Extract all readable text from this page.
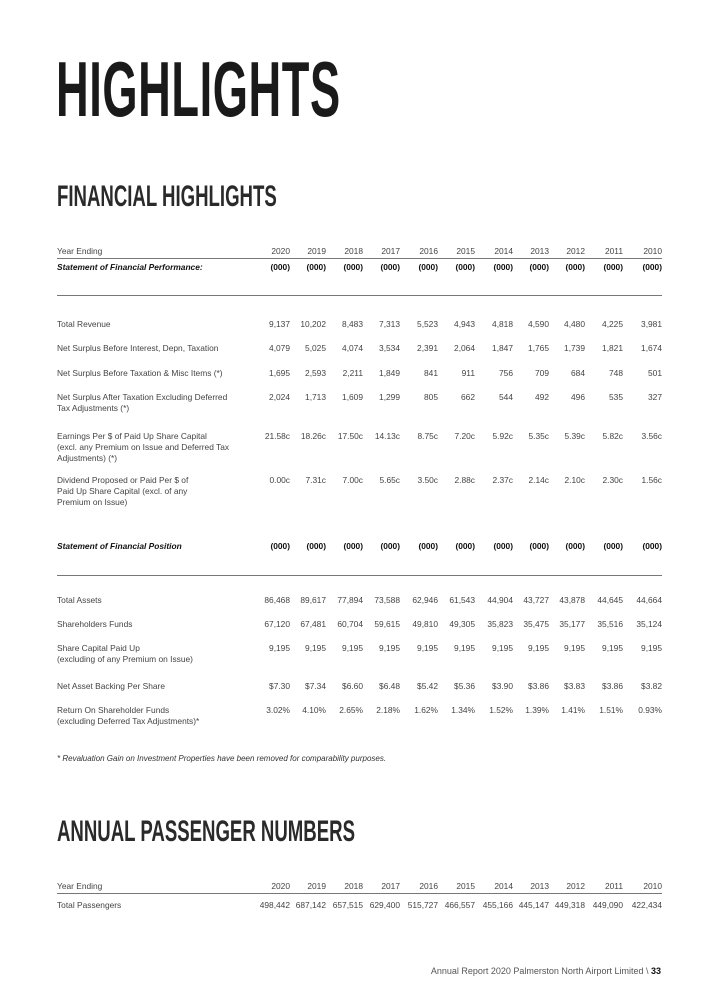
HIGHLIGHTS
FINANCIAL HIGHLIGHTS
Year Ending	2020	2019	2018	2017	2016	2015	2014	2013	2012	2011	2010
Statement of Financial Performance:	(000)	(000)	(000)	(000)	(000)	(000)	(000)	(000)	(000)	(000)	(000)
Total Revenue	9,137	10,202	8,483	7,313	5,523	4,943	4,818	4,590	4,480	4,225	3,981
Net Surplus Before Interest, Depn, Taxation	4,079	5,025	4,074	3,534	2,391	2,064	1,847	1,765	1,739	1,821	1,674
Net Surplus Before Taxation & Misc Items (*)	1,695	2,593	2,211	1,849	841	911	756	709	684	748	501
Net Surplus After Taxation Excluding Deferred
Tax Adjustments (*)
2,024	1,713	1,609	1,299	805	662	544	492	496	535	327
Earnings Per $ of Paid Up Share Capital
(excl. any Premium on Issue and Deferred Tax
Adjustments) (*)
21.58c	18.26c	17.50c	14.13c	8.75c	7.20c	5.92c	5.35c	5.39c	5.82c	3.56c
Dividend Proposed or Paid Per $ of
Paid Up Share Capital (excl. of any
Premium on Issue)
0.00c	7.31c	7.00c	5.65c	3.50c	2.88c	2.37c	2.14c	2.10c	2.30c	1.56c
Statement of Financial Position	(000)	(000)	(000)	(000)	(000)	(000)	(000)	(000)	(000)	(000)	(000)
Total Assets	86,468	89,617	77,894	73,588	62,946	61,543	44,904	43,727	43,878	44,645	44,664
Shareholders Funds	67,120	67,481	60,704	59,615	49,810	49,305	35,823	35,475	35,177	35,516	35,124
Share Capital Paid Up
(excluding of any Premium on Issue)
9,195	9,195	9,195	9,195	9,195	9,195	9,195	9,195	9,195	9,195	9,195
Net Asset Backing Per Share	$7.30	$7.34	$6.60	$6.48	$5.42	$5.36	$3.90	$3.86	$3.83	$3.86	$3.82
Return On Shareholder Funds
(excluding Deferred Tax Adjustments)*
3.02%	4.10%	2.65%	2.18%	1.62%	1.34%	1.52%	1.39%	1.41%	1.51%	0.93%
* Revaluation Gain on Investment Properties have been removed for comparability purposes.
ANNUAL PASSENGER NUMBERS
Year Ending	2020	2019	2018	2017	2016	2015	2014	2013	2012	2011	2010
Total Passengers	498,442 687,142 657,515 629,400 515,727 466,557 455,166 445,147 449,318 449,090	422,434
Annual Report 2020 Palmerston North Airport Limited \ 33
